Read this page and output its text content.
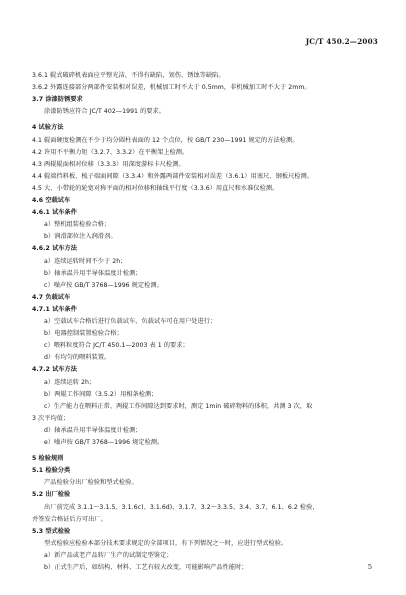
JC/T 450.2—2003
3.6.1 辊式破碎机表面应平整光洁，不得有缺陷，划伤、锈蚀等缺陷。
3.6.2 外露连接部分两部件安装相对误差，机械加工时不大于 0.5mm，非机械加工时不大于 2mm。
3.7 涂漆防锈要求
涂漆防锈应符合 JC/T 402—1991 的要求。
4 试验方法
4.1 辊面硬度检测在不少于均分圆柱表面的 12 个点位，按 GB/T 230—1991 规定的方法检测。
4.2 许用不平衡力矩（3.2.7、3.3.2）在平衡架上检测。
4.3 两辊辊面相对位移（3.3.3）用深度游标卡尺检测。
4.4 辊端挡料板、梳子端面间隙（3.3.4）和外露两部件安装相对误差（3.6.1）用塞尺、钢板尺检测。
4.5 大、小带轮的轮宽对称平面的相对位移和轴线平行度（3.3.6）用直尺和水准仪检测。
4.6 空载试车
4.6.1 试车条件
a）整机组装检验合格；
b）润滑部位注入润滑剂。
4.6.2 试车方法
a）连续运转时间不少于 2h；
b）轴承温升用半导体温度计检测；
c）噪声按 GB/T 3768—1996 规定检测。
4.7 负载试车
4.7.1 试车条件
a）空载试车合格后进行负载试车，负载试车可在用户处进行；
b）电器控制装置检验合格；
c）喂料粒度符合 JC/T 450.1—2003 表 1 的要求；
d）有均匀的喂料装置。
4.7.2 试车方法
a）连续运转 2h；
b）两辊工作间隙（3.5.2）用相条检测；
c）生产能力在喂料正常、两辊工作间隙达到要求时，测定 1min 破碎物料的体积，共测 3 次，取
3 次平均值；
d）轴承温升用半导体温度计检测；
e）噪声按 GB/T 3768—1996 规定检测。
5 检验规则
5.1 检验分类
产品检验分出厂检验和型式检验。
5.2 出厂检验
出厂前完成 3.1.1～3.1.5、3.1.6c)、3.1.6d)、3.1.7、3.2～3.3.5、3.4、3.7、6.1、6.2 检验，
并签发合格证后方可出厂。
5.3 型式检验
型式检验应检验本部分技术要求规定的全部项目，有下列情况之一时，应进行型式检验。
a）新产品或老产品转厂生产的试制定型鉴定；
b）正式生产后，如结构、材料、工艺有较大改变，可能影响产品性能时；	5
